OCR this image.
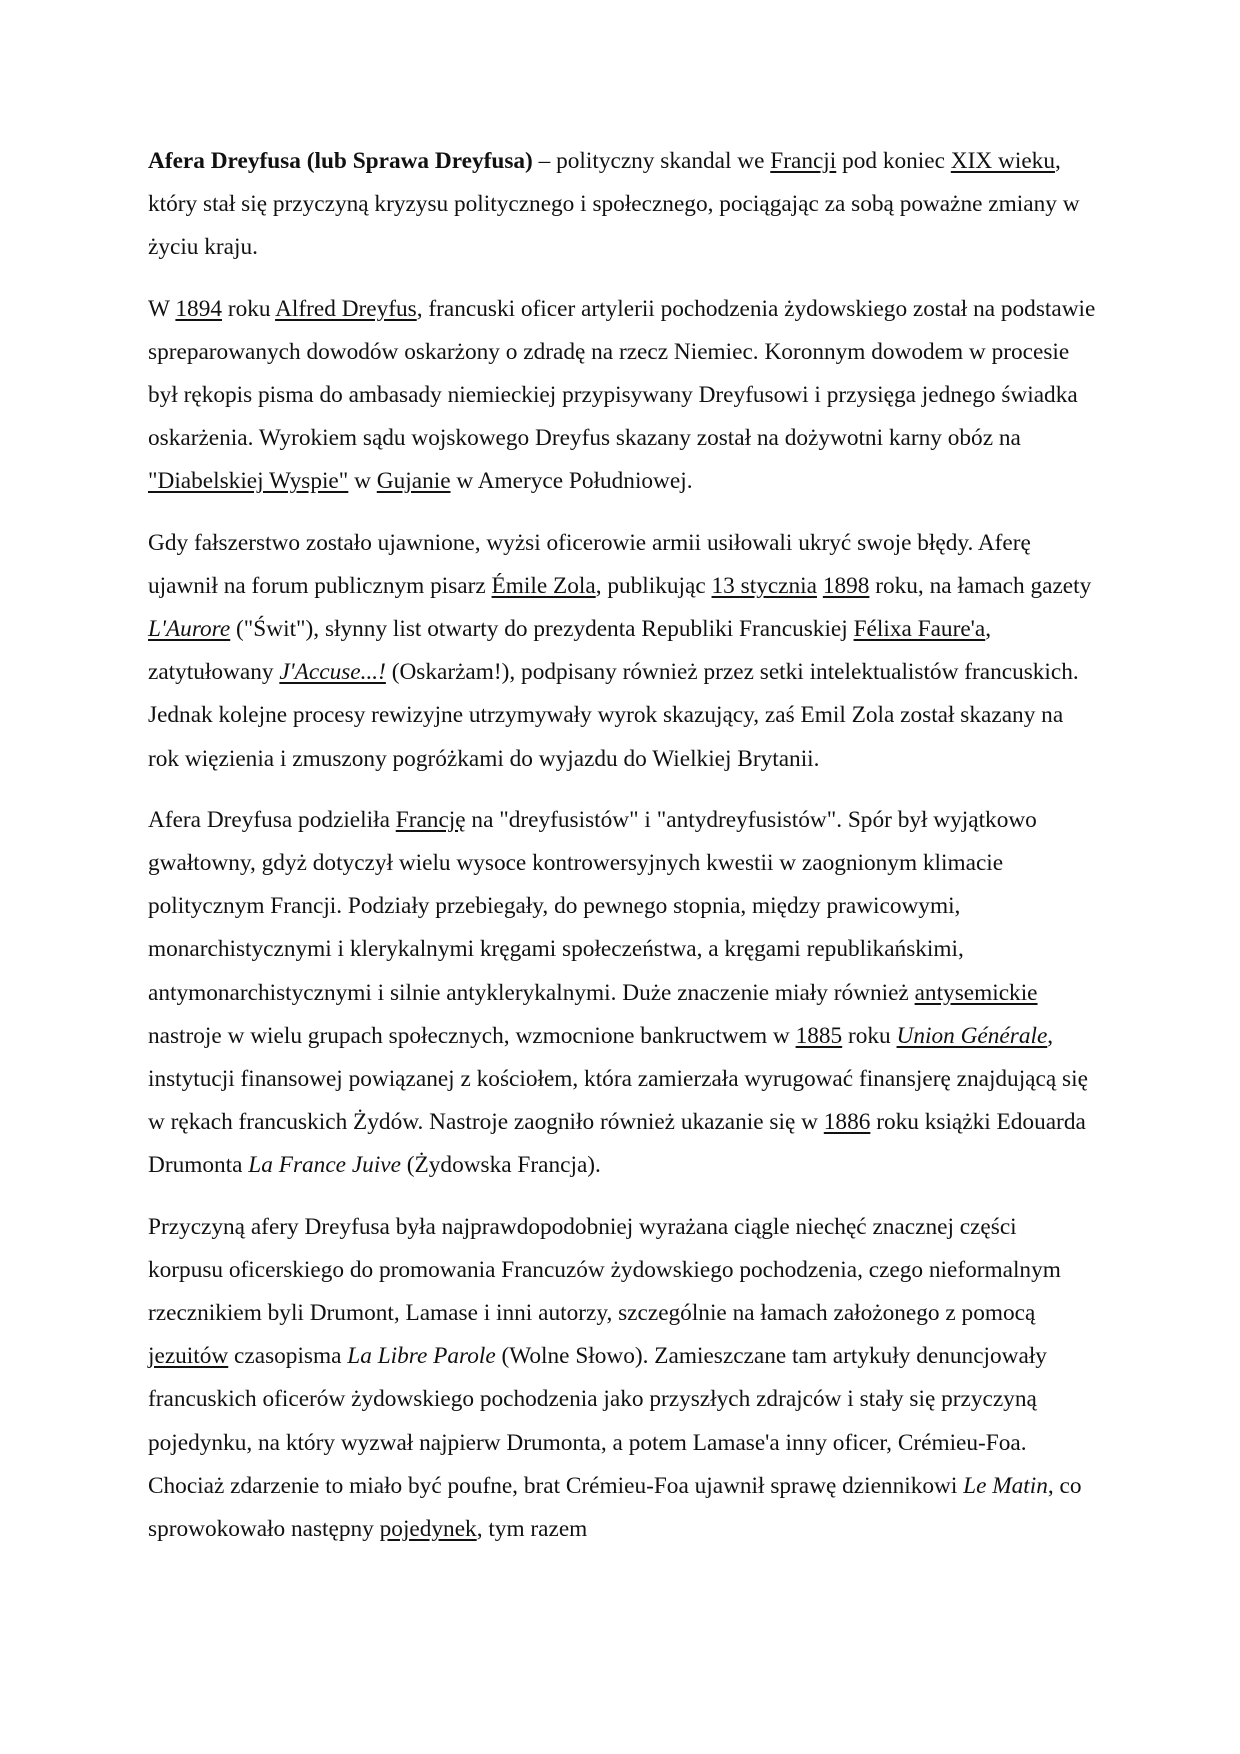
Afera Dreyfusa (lub Sprawa Dreyfusa) – polityczny skandal we Francji pod koniec XIX wieku, który stał się przyczyną kryzysu politycznego i społecznego, pociągając za sobą poważne zmiany w życiu kraju.

W 1894 roku Alfred Dreyfus, francuski oficer artylerii pochodzenia żydowskiego został na podstawie spreparowanych dowodów oskarżony o zdradę na rzecz Niemiec. Koronnym dowodem w procesie był rękopis pisma do ambasady niemieckiej przypisywany Dreyfusowi i przysięga jednego świadka oskarżenia. Wyrokiem sądu wojskowego Dreyfus skazany został na dożywotni karny obóz na "Diabelskiej Wyspie" w Gujanie w Ameryce Południowej.

Gdy fałszerstwo zostało ujawnione, wyżsi oficerowie armii usiłowali ukryć swoje błędy. Aferę ujawnił na forum publicznym pisarz Émile Zola, publikując 13 stycznia 1898 roku, na łamach gazety L'Aurore ("Świt"), słynny list otwarty do prezydenta Republiki Francuskiej Félixa Faure'a, zatytułowany J'Accuse...! (Oskarżam!), podpisany również przez setki intelektualistów francuskich. Jednak kolejne procesy rewizyjne utrzymywały wyrok skazujący, zaś Emil Zola został skazany na rok więzienia i zmuszony pogróżkami do wyjazdu do Wielkiej Brytanii.

Afera Dreyfusa podzieliła Francję na "dreyfusistów" i "antydreyfusistów". Spór był wyjątkowo gwałtowny, gdyż dotyczył wielu wysoce kontrowersyjnych kwestii w zaognionym klimacie politycznym Francji. Podziały przebiegały, do pewnego stopnia, między prawicowymi, monarchistycznymi i klerykalnymi kręgami społeczeństwa, a kręgami republikańskimi, antymonarchistycznymi i silnie antyklerykalnymi. Duże znaczenie miały również antysemickie nastroje w wielu grupach społecznych, wzmocnione bankructwem w 1885 roku Union Générale, instytucji finansowej powiązanej z kościołem, która zamierzała wyrugować finansjerę znajdującą się w rękach francuskich Żydów. Nastroje zaogniło również ukazanie się w 1886 roku książki Edouarda Drumonta La France Juive (Żydowska Francja).

Przyczyną afery Dreyfusa była najprawdopodobniej wyrażana ciągle niechęć znacznej części korpusu oficerskiego do promowania Francuzów żydowskiego pochodzenia, czego nieformalnym rzecznikiem byli Drumont, Lamase i inni autorzy, szczególnie na łamach założonego z pomocą jezuitów czasopisma La Libre Parole (Wolne Słowo). Zamieszczane tam artykuły denuncjowały francuskich oficerów żydowskiego pochodzenia jako przyszłych zdrajców i stały się przyczyną pojedynku, na który wyzwał najpierw Drumonta, a potem Lamase'a inny oficer, Crémieu-Foa. Chociaż zdarzenie to miało być poufne, brat Crémieu-Foa ujawnił sprawę dziennikowi Le Matin, co sprowokowało następny pojedynek, tym razem
